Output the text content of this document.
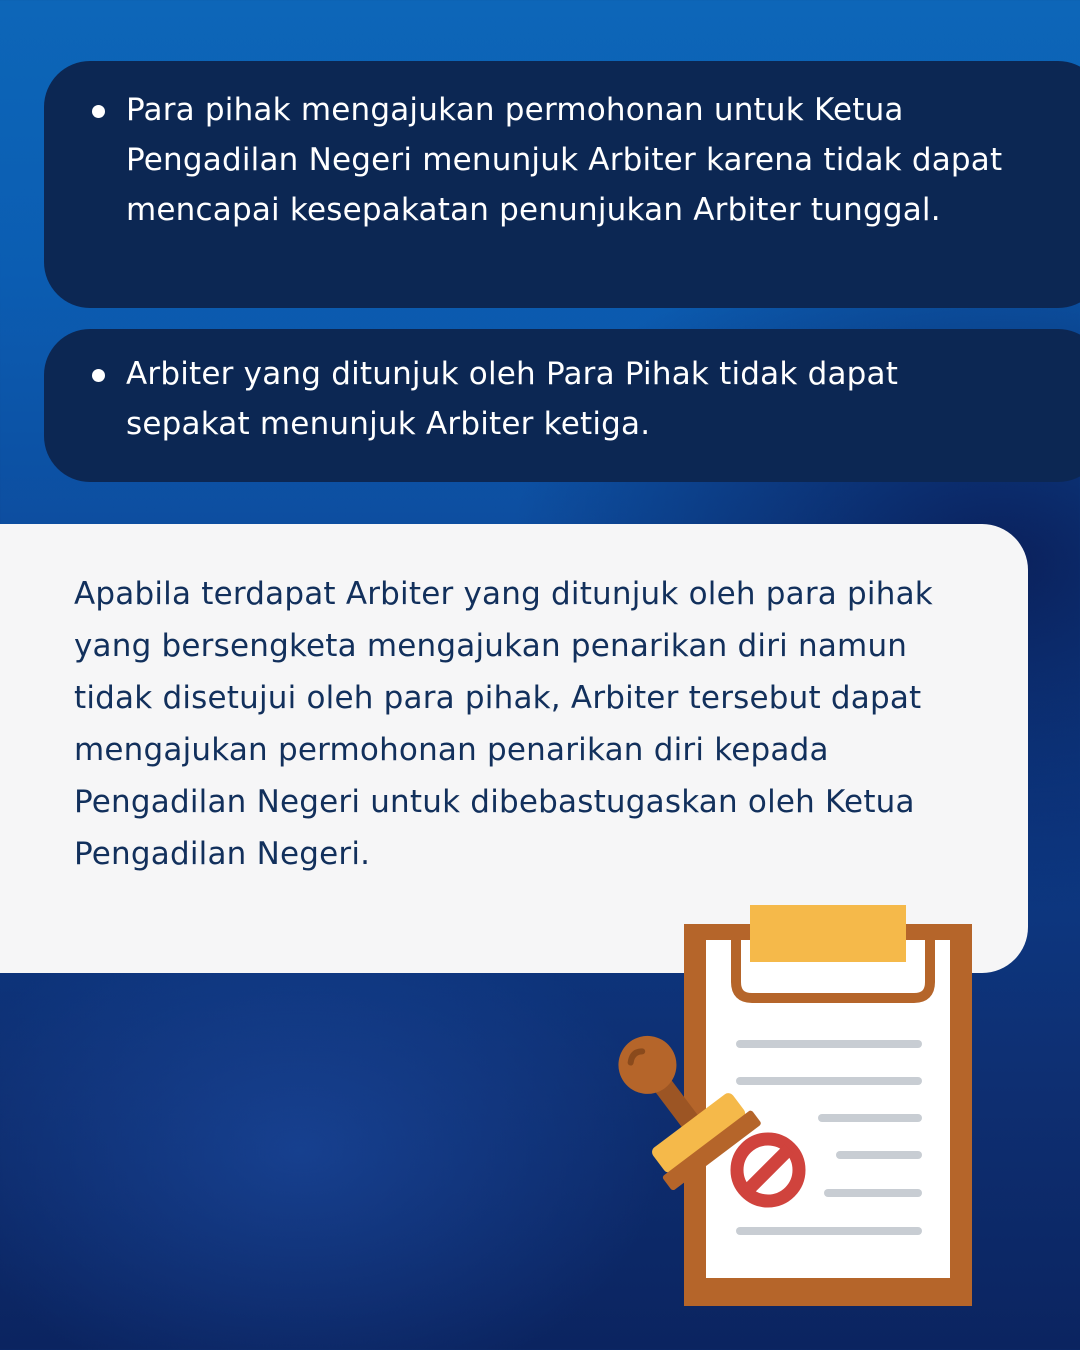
Para pihak mengajukan permohonan untuk Ketua Pengadilan Negeri menunjuk Arbiter karena tidak dapat mencapai kesepakatan penunjukan Arbiter tunggal.
Arbiter yang ditunjuk oleh Para Pihak tidak dapat sepakat menunjuk Arbiter ketiga.
Apabila terdapat Arbiter yang ditunjuk oleh para pihak yang bersengketa mengajukan penarikan diri namun tidak disetujui oleh para pihak, Arbiter tersebut dapat mengajukan permohonan penarikan diri kepada Pengadilan Negeri untuk dibebastugaskan oleh Ketua Pengadilan Negeri.
